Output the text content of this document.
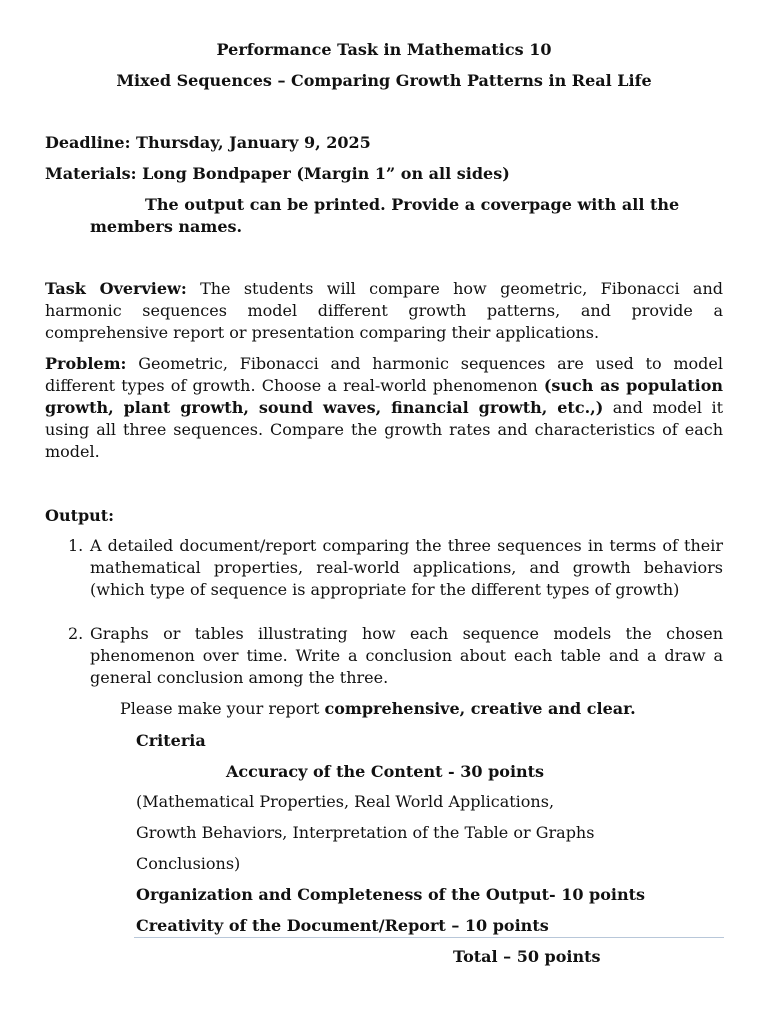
Performance Task in Mathematics 10
Mixed Sequences – Comparing Growth Patterns in Real Life
Deadline: Thursday, January 9, 2025
Materials: Long Bondpaper (Margin 1” on all sides)
The output can be printed. Provide a coverpage with all the
members names.
Task Overview: The students will compare how geometric, Fibonacci and harmonic sequences model different growth patterns, and provide a comprehensive report or presentation comparing their applications.
Problem: Geometric, Fibonacci and harmonic sequences are used to model different types of growth. Choose a real-world phenomenon (such as population growth, plant growth, sound waves, financial growth, etc.,) and model it using all three sequences. Compare the growth rates and characteristics of each model.
Output:
1. A detailed document/report comparing the three sequences in terms of their mathematical properties, real-world applications, and growth behaviors (which type of sequence is appropriate for the different types of growth)
2. Graphs or tables illustrating how each sequence models the chosen phenomenon over time. Write a conclusion about each table and a draw a general conclusion among the three.
Please make your report comprehensive, creative and clear.
Criteria
Accuracy of the Content - 30 points
(Mathematical Properties, Real World Applications,
Growth Behaviors, Interpretation of the Table or Graphs
Conclusions)
Organization and Completeness of the Output- 10 points
Creativity of the Document/Report – 10 points
Total – 50 points
